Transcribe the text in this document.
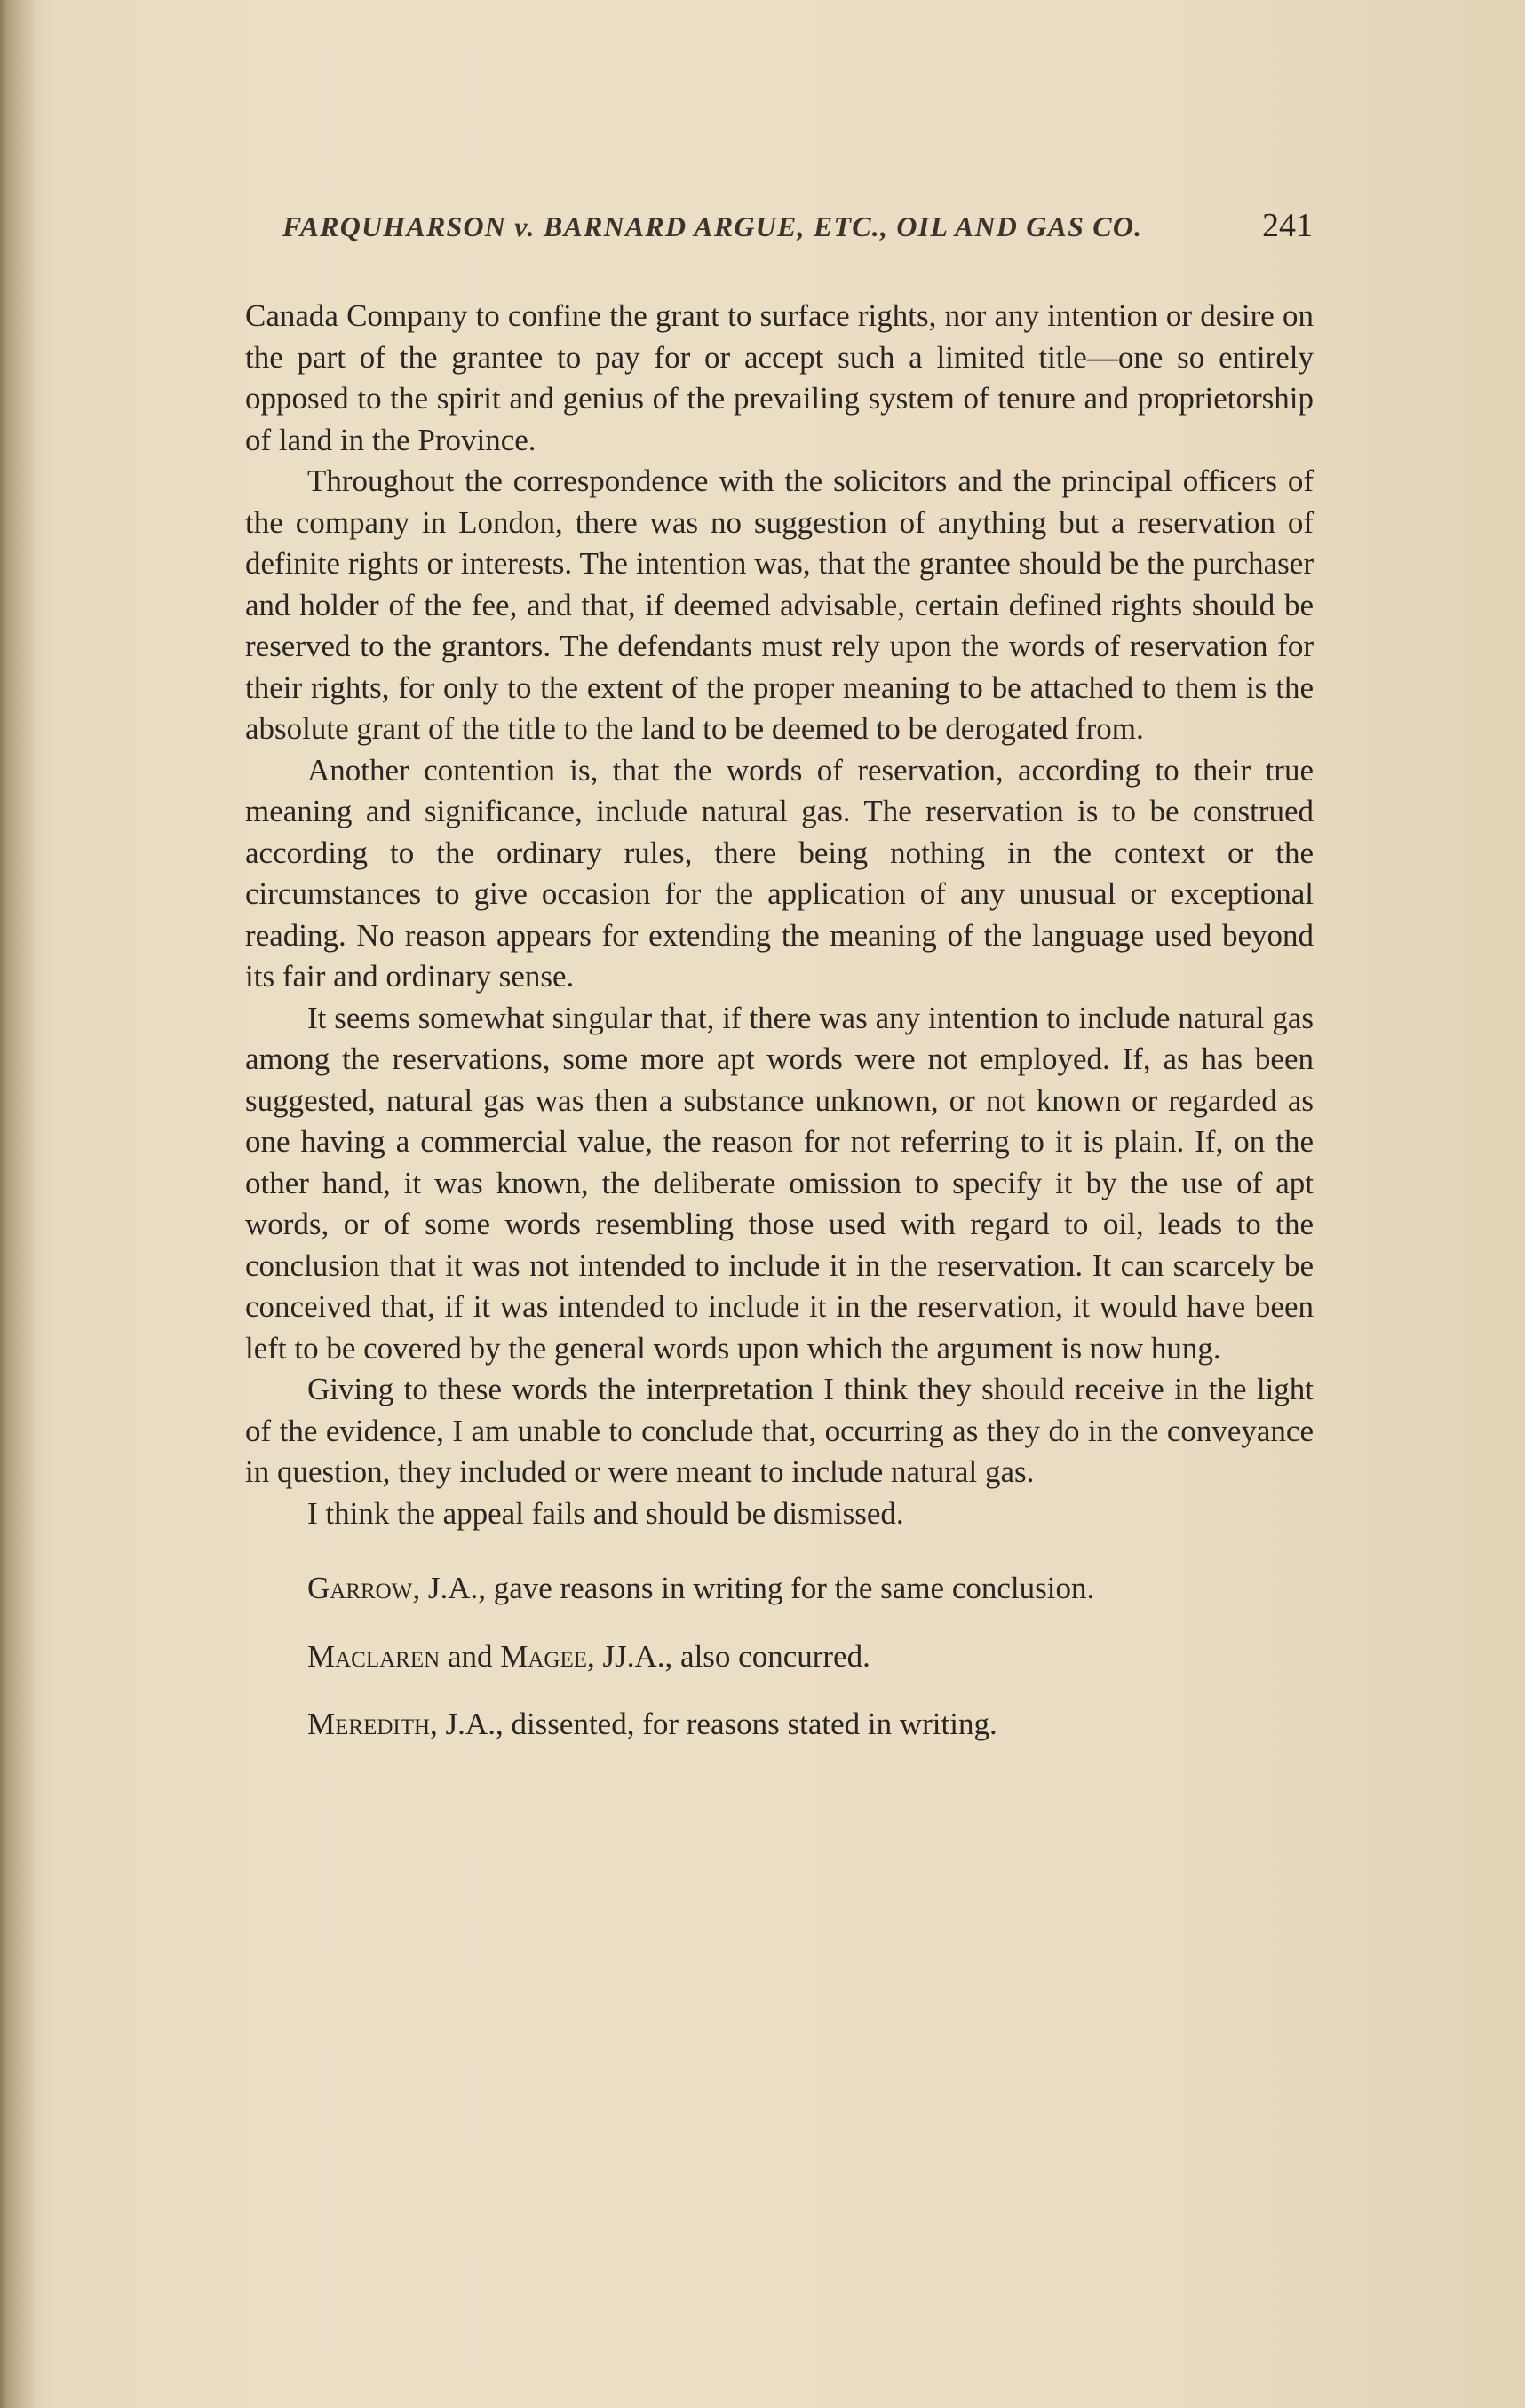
FARQUHARSON v. BARNARD ARGUE, ETC., OIL AND GAS CO.	241

Canada Company to confine the grant to surface rights, nor any intention or desire on the part of the grantee to pay for or accept such a limited title—one so entirely opposed to the spirit and genius of the prevailing system of tenure and proprietorship of land in the Province.

Throughout the correspondence with the solicitors and the principal officers of the company in London, there was no suggestion of anything but a reservation of definite rights or interests. The intention was, that the grantee should be the purchaser and holder of the fee, and that, if deemed advisable, certain defined rights should be reserved to the grantors. The defendants must rely upon the words of reservation for their rights, for only to the extent of the proper meaning to be attached to them is the absolute grant of the title to the land to be deemed to be derogated from.

Another contention is, that the words of reservation, according to their true meaning and significance, include natural gas. The reservation is to be construed according to the ordinary rules, there being nothing in the context or the circumstances to give occasion for the application of any unusual or exceptional reading. No reason appears for extending the meaning of the language used beyond its fair and ordinary sense.

It seems somewhat singular that, if there was any intention to include natural gas among the reservations, some more apt words were not employed. If, as has been suggested, natural gas was then a substance unknown, or not known or regarded as one having a commercial value, the reason for not referring to it is plain. If, on the other hand, it was known, the deliberate omission to specify it by the use of apt words, or of some words resembling those used with regard to oil, leads to the conclusion that it was not intended to include it in the reservation. It can scarcely be conceived that, if it was intended to include it in the reservation, it would have been left to be covered by the general words upon which the argument is now hung.

Giving to these words the interpretation I think they should receive in the light of the evidence, I am unable to conclude that, occurring as they do in the conveyance in question, they included or were meant to include natural gas.

I think the appeal fails and should be dismissed.

Garrow, J.A., gave reasons in writing for the same conclusion.

Maclaren and Magee, JJ.A., also concurred.

Meredith, J.A., dissented, for reasons stated in writing.
